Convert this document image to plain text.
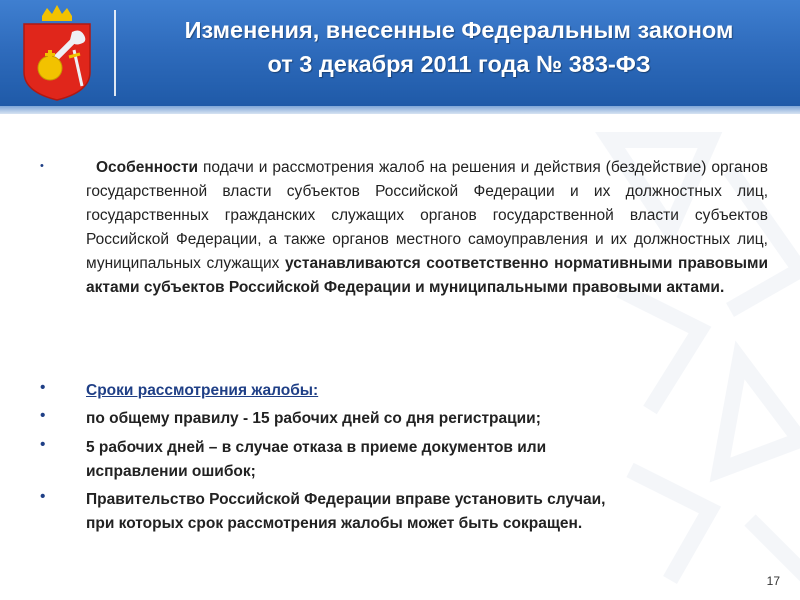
Изменения, внесенные Федеральным законом
от 3 декабря 2011 года № 383-ФЗ
•	Особенности подачи и рассмотрения жалоб на решения и действия (бездействие) органов государственной власти субъектов Российской Федерации и их должностных лиц, государственных гражданских служащих органов государственной власти субъектов Российской Федерации, а также органов местного самоуправления и их должностных лиц, муниципальных служащих устанавливаются соответственно нормативными правовыми актами субъектов Российской Федерации и муниципальными правовыми актами.

•	Сроки рассмотрения жалобы:

•	по общему правилу - 15 рабочих дней со дня регистрации;

•	5 рабочих дней – в случае отказа в приеме документов или

исправлении ошибок;

•	Правительство Российской Федерации вправе установить случаи,

при которых срок рассмотрения жалобы может быть сокращен.

17
